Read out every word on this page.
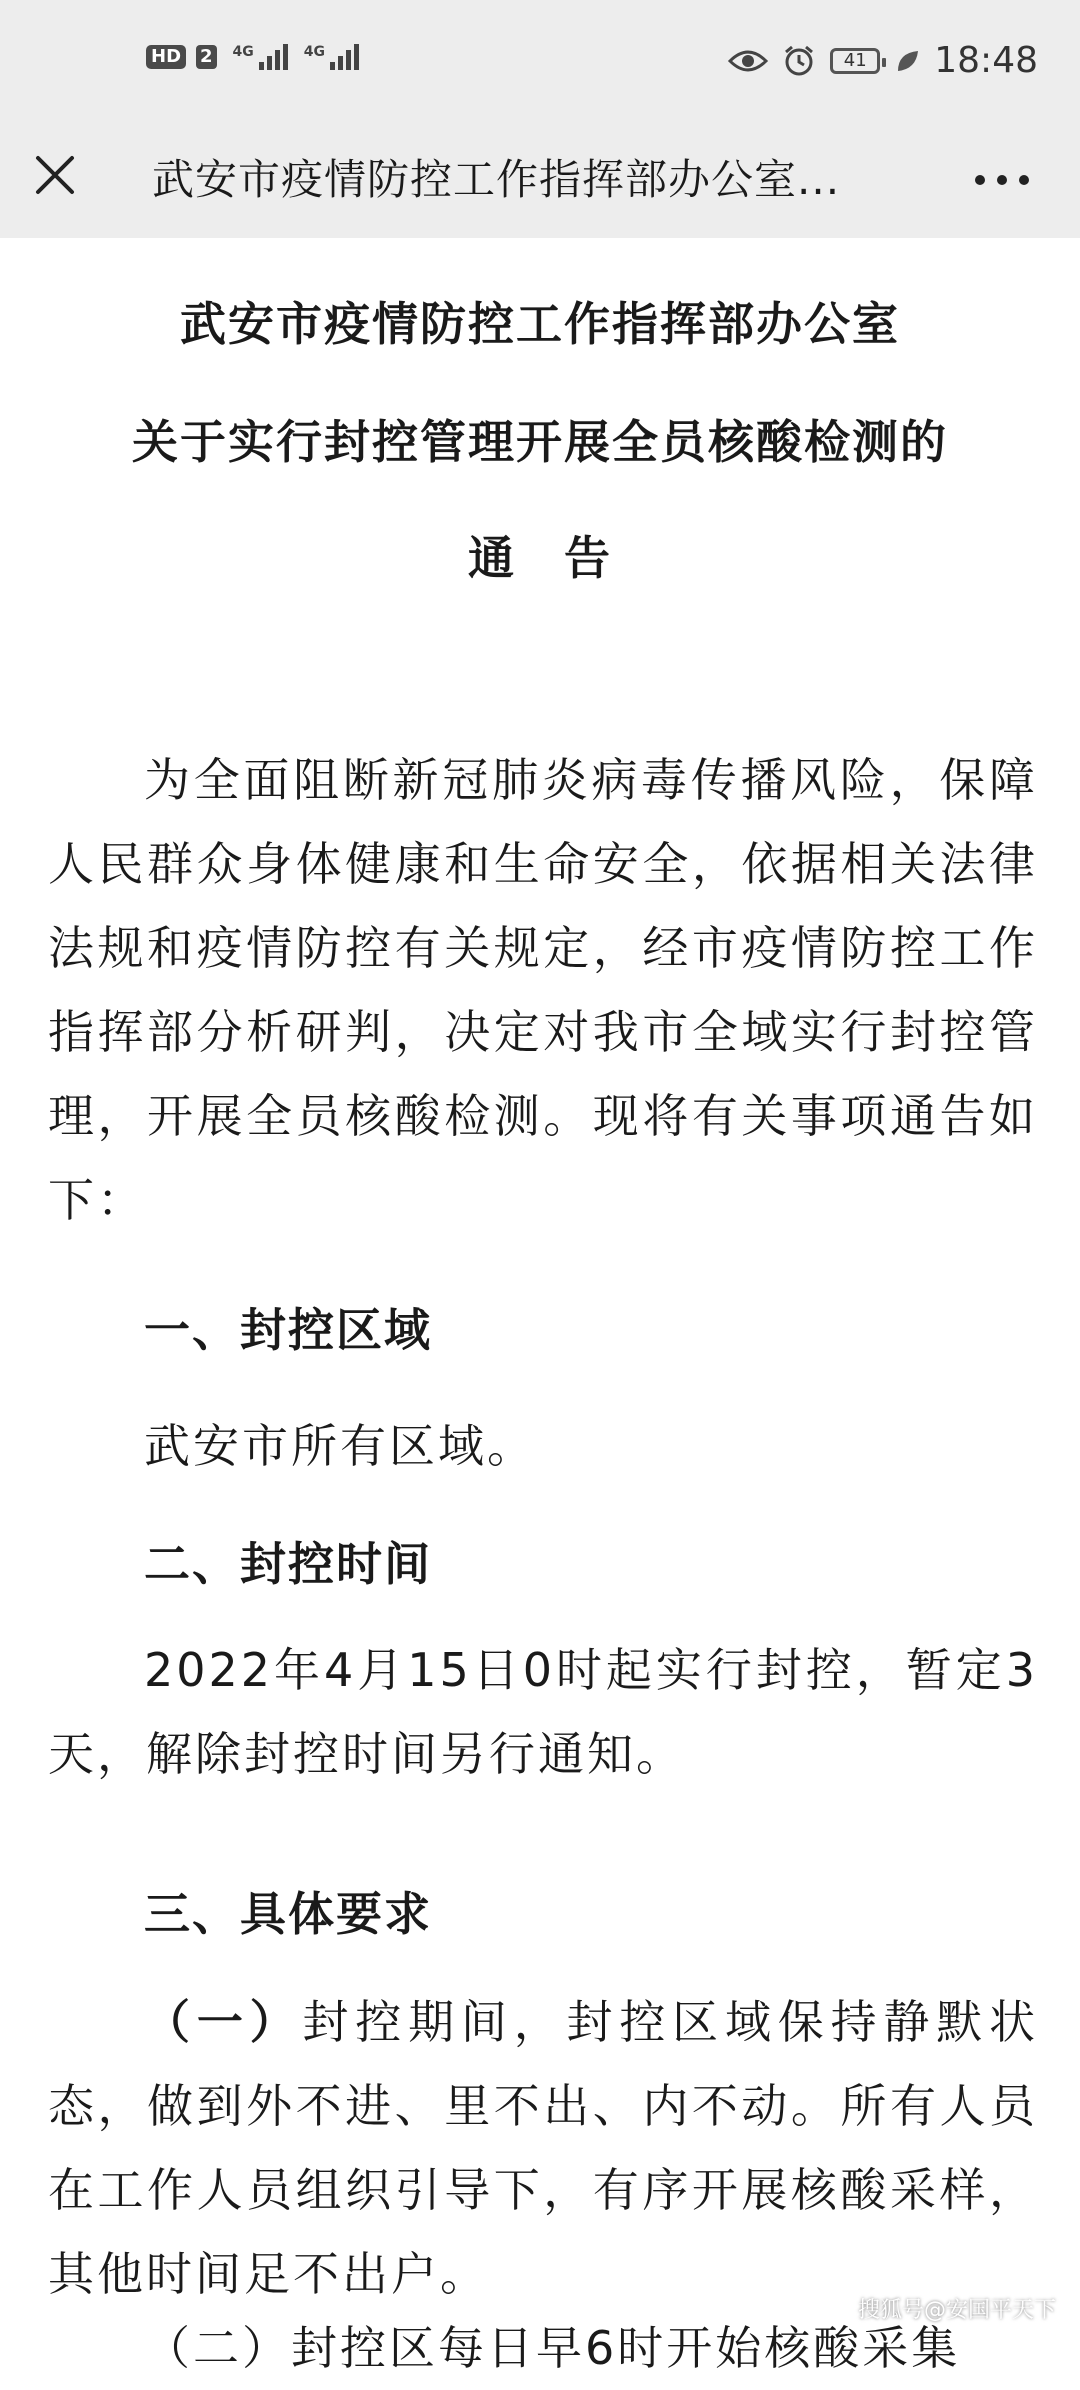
HD 2 4G	4G	41	18:48
武安市疫情防控工作指挥部办公室...
武安市疫情防控工作指挥部办公室
关于实行封控管理开展全员核酸检测的
通　告
为全面阻断新冠肺炎病毒传播风险，保障人民群众身体健康和生命安全，依据相关法律法规和疫情防控有关规定，经市疫情防控工作指挥部分析研判，决定对我市全域实行封控管理，开展全员核酸检测。现将有关事项通告如下：
一、封控区域
武安市所有区域。
二、封控时间
2022年4月15日0时起实行封控，暂定3天，解除封控时间另行通知。
三、具体要求
（一）封控期间，封控区域保持静默状态，做到外不进、里不出、内不动。所有人员在工作人员组织引导下，有序开展核酸采样，其他时间足不出户。
（二）封控区每日早6时开始核酸采集
搜狐号@安国平天下
